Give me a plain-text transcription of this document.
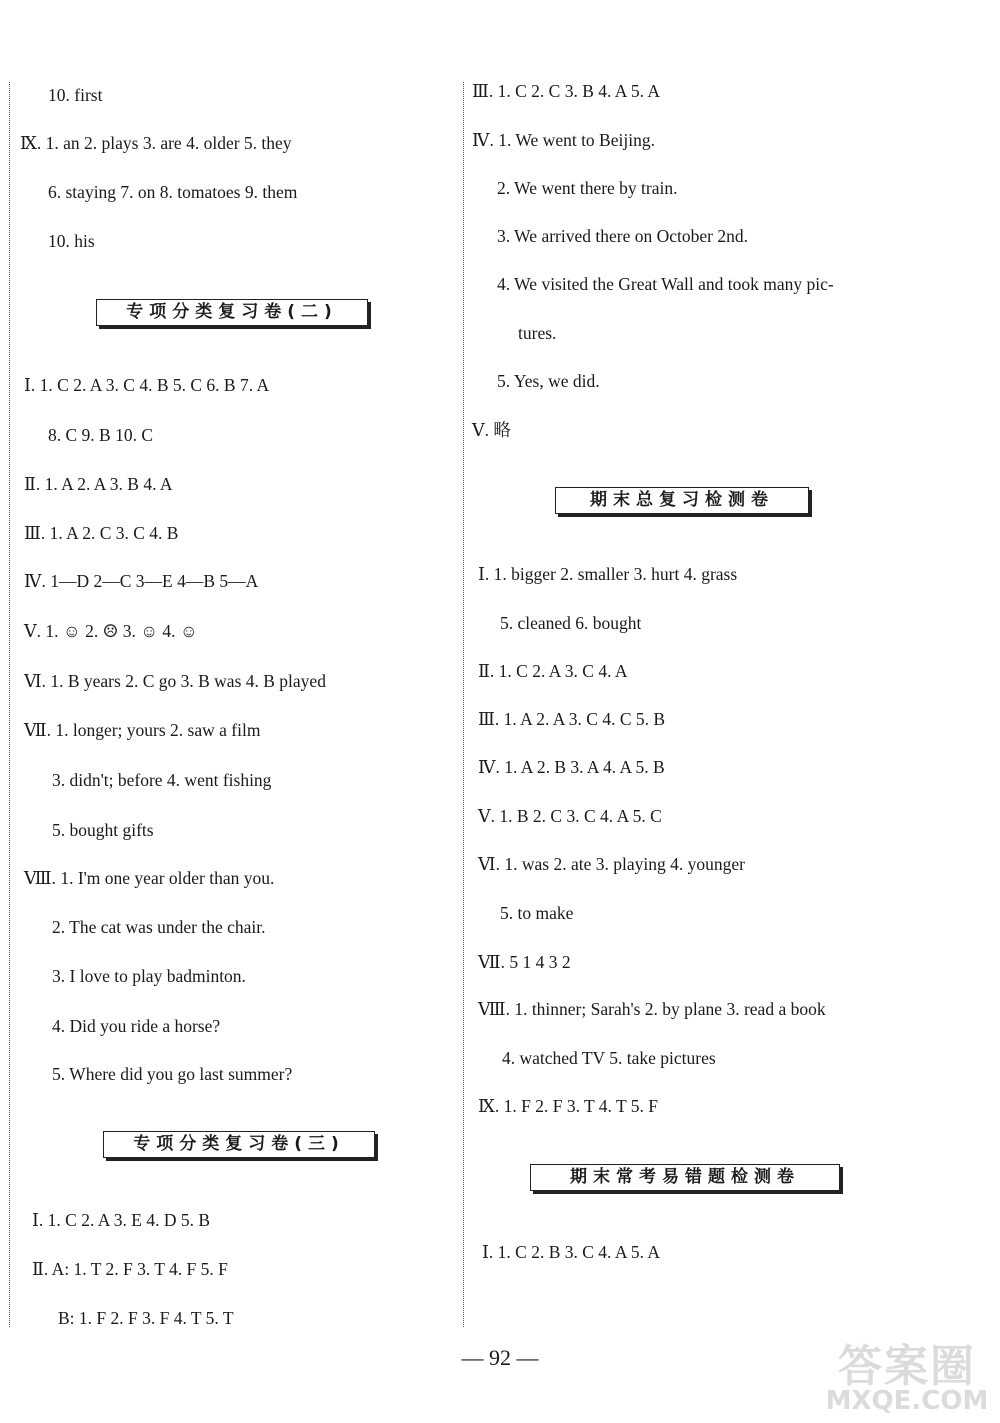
10. first
Ⅸ. 1. an 2. plays 3. are 4. older 5. they
6. staying 7. on 8. tomatoes 9. them
10. his
专项分类复习卷(二)
Ⅰ. 1. C 2. A 3. C 4. B 5. C 6. B 7. A
8. C 9. B 10. C
Ⅱ. 1. A 2. A 3. B 4. A
Ⅲ. 1. A 2. C 3. C 4. B
Ⅳ. 1—D 2—C 3—E 4—B 5—A
Ⅴ. 1. ☺ 2. ☹ 3. ☺ 4. ☺
Ⅵ. 1. B years 2. C go 3. B was 4. B played
Ⅶ. 1. longer; yours 2. saw a film
3. didn't; before 4. went fishing
5. bought gifts
Ⅷ. 1. I'm one year older than you.
2. The cat was under the chair.
3. I love to play badminton.
4. Did you ride a horse?
5. Where did you go last summer?
专项分类复习卷(三)
Ⅰ. 1. C 2. A 3. E 4. D 5. B
Ⅱ. A: 1. T 2. F 3. T 4. F 5. F
B: 1. F 2. F 3. F 4. T 5. T
Ⅲ. 1. C 2. C 3. B 4. A 5. A
Ⅳ. 1. We went to Beijing.
2. We went there by train.
3. We arrived there on October 2nd.
4. We visited the Great Wall and took many pic-
tures.
5. Yes, we did.
Ⅴ. 略
期末总复习检测卷
Ⅰ. 1. bigger 2. smaller 3. hurt 4. grass
5. cleaned 6. bought
Ⅱ. 1. C 2. A 3. C 4. A
Ⅲ. 1. A 2. A 3. C 4. C 5. B
Ⅳ. 1. A 2. B 3. A 4. A 5. B
Ⅴ. 1. B 2. C 3. C 4. A 5. C
Ⅵ. 1. was 2. ate 3. playing 4. younger
5. to make
Ⅶ. 5 1 4 3 2
Ⅷ. 1. thinner; Sarah's 2. by plane 3. read a book
4. watched TV 5. take pictures
Ⅸ. 1. F 2. F 3. T 4. T 5. F
期末常考易错题检测卷
Ⅰ. 1. C 2. B 3. C 4. A 5. A
— 92 —	答案圈
MXQE.COM
